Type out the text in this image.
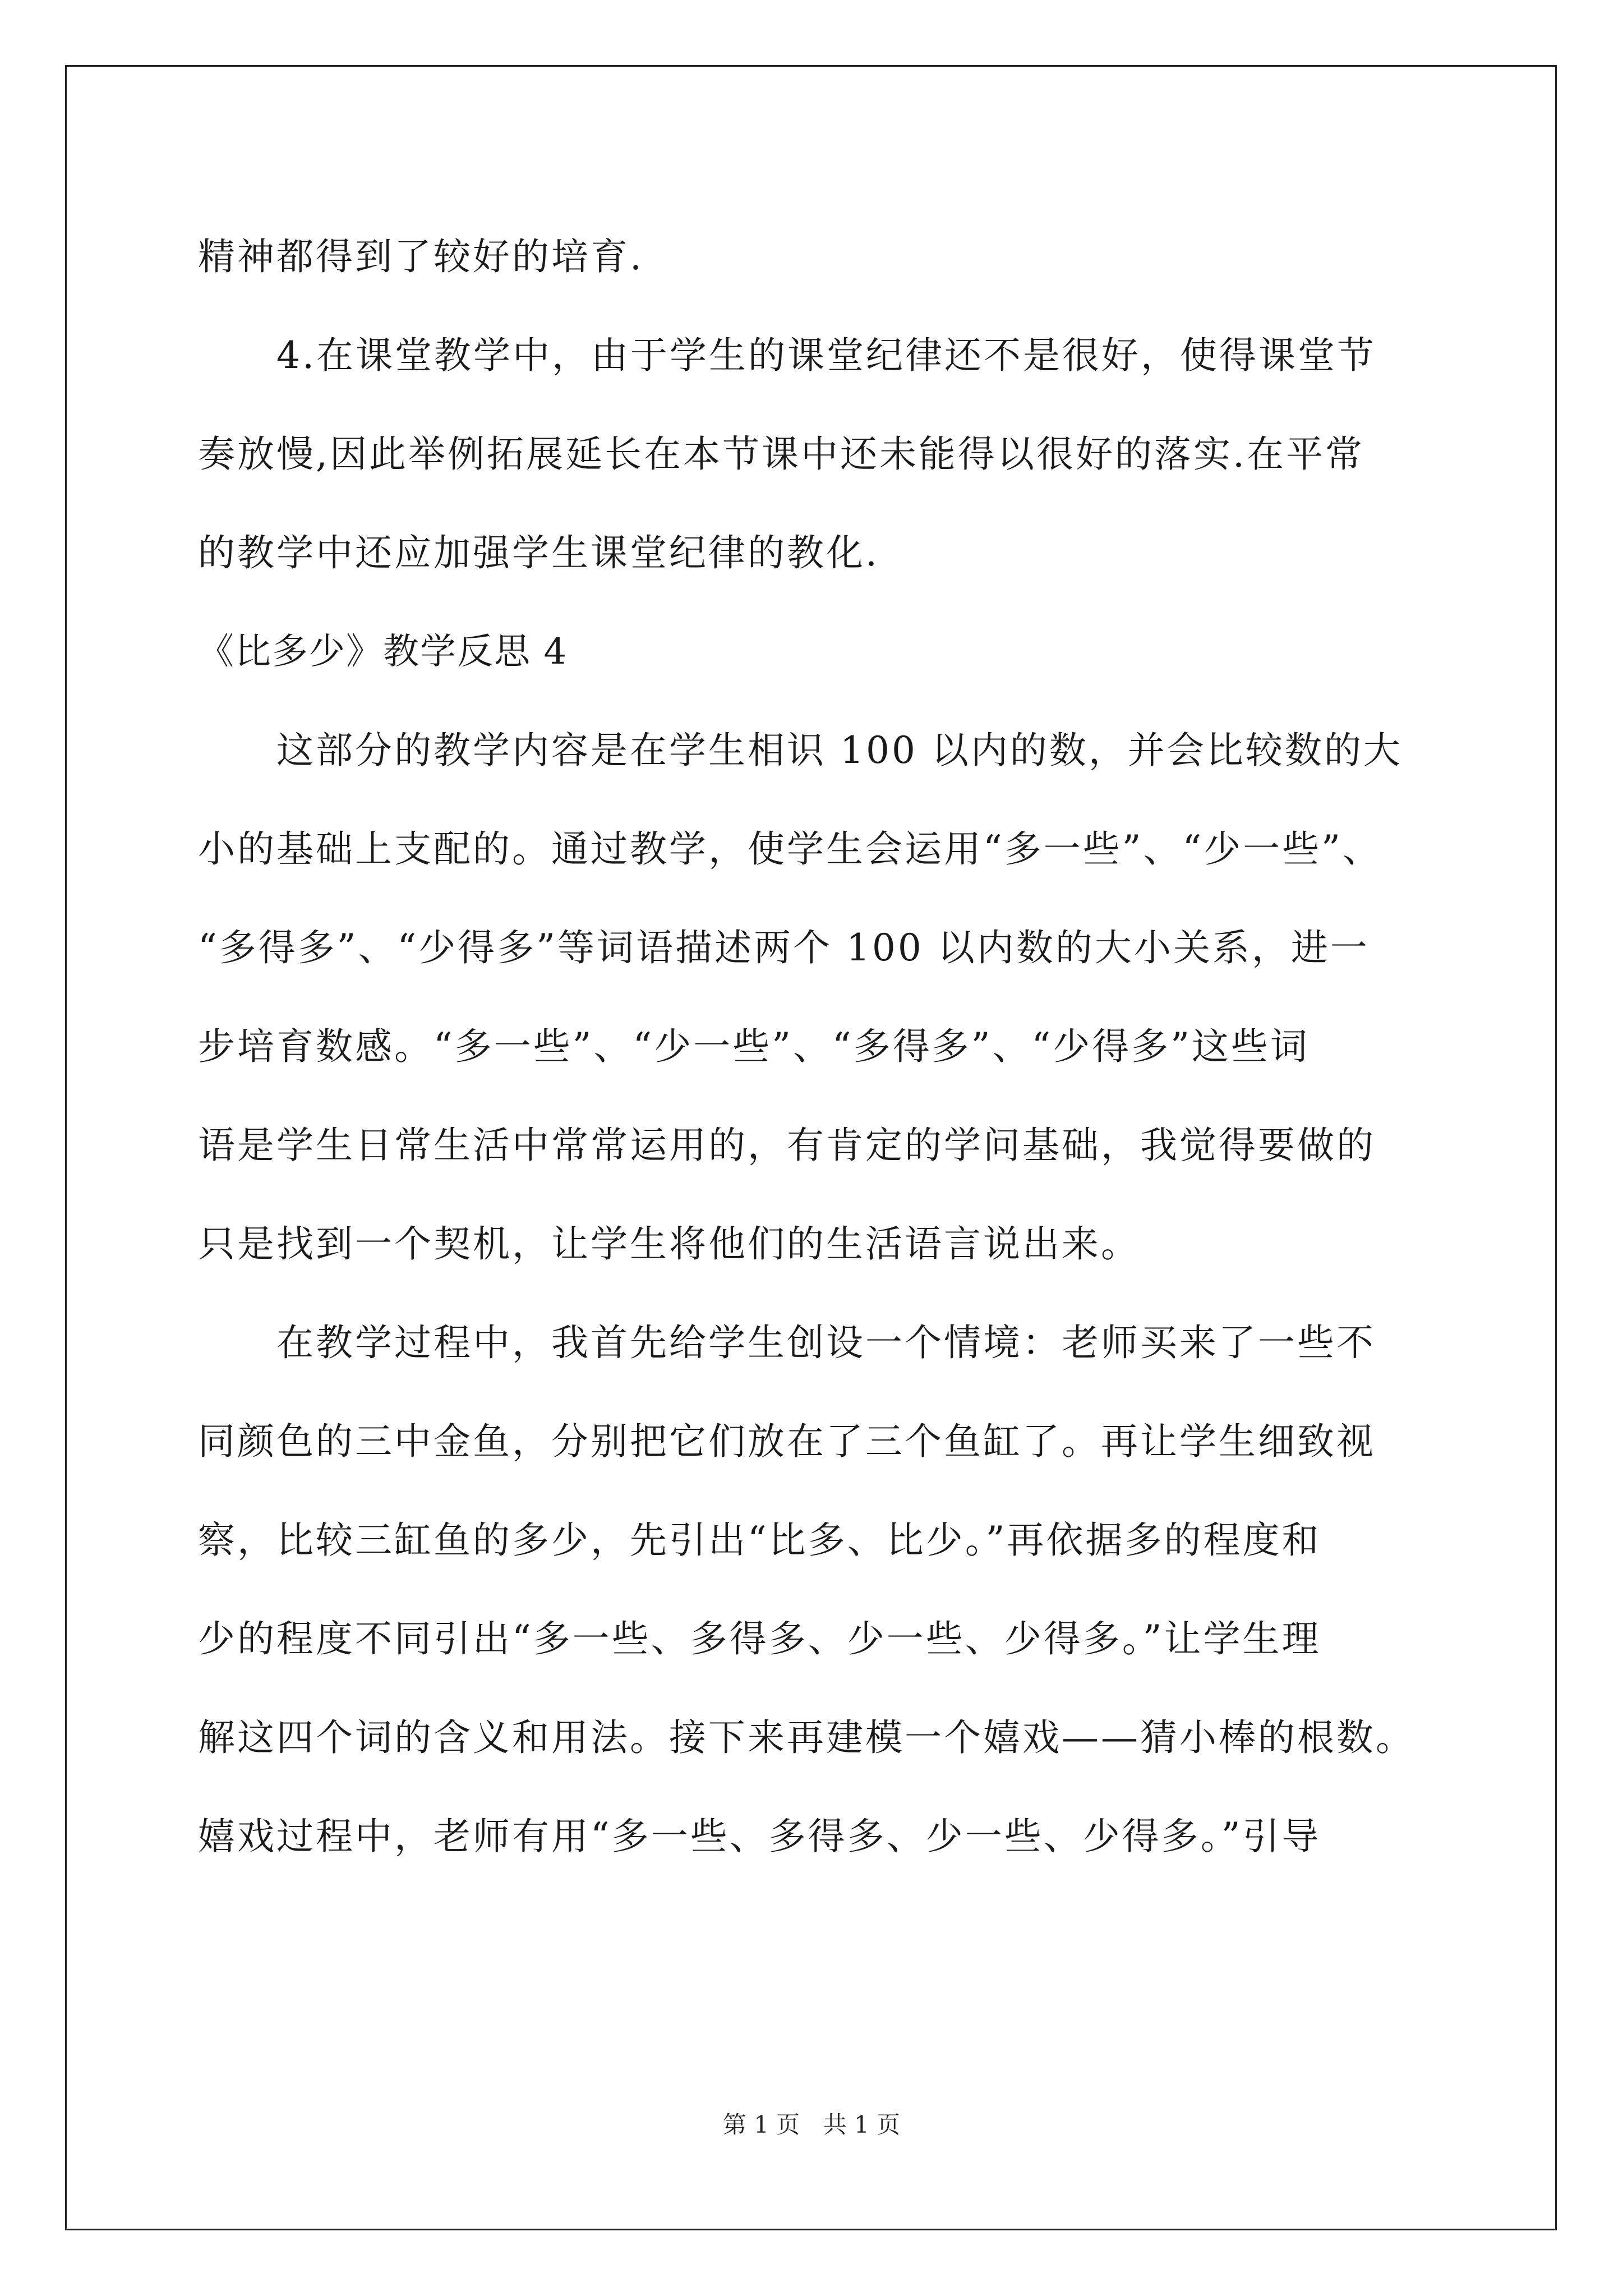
精神都得到了较好的培育.
4.在课堂教学中，由于学生的课堂纪律还不是很好，使得课堂节
奏放慢,因此举例拓展延长在本节课中还未能得以很好的落实.在平常
的教学中还应加强学生课堂纪律的教化.
《比多少》教学反思 4
这部分的教学内容是在学生相识 100 以内的数，并会比较数的大
小的基础上支配的。通过教学，使学生会运用“多一些”、“少一些”、
“多得多”、“少得多”等词语描述两个 100 以内数的大小关系，进一
步培育数感。“多一些”、“少一些”、“多得多”、“少得多”这些词
语是学生日常生活中常常运用的，有肯定的学问基础，我觉得要做的
只是找到一个契机，让学生将他们的生活语言说出来。
在教学过程中，我首先给学生创设一个情境：老师买来了一些不
同颜色的三中金鱼，分别把它们放在了三个鱼缸了。再让学生细致视
察，比较三缸鱼的多少，先引出“比多、比少。”再依据多的程度和
少的程度不同引出“多一些、多得多、少一些、少得多。”让学生理
解这四个词的含义和用法。接下来再建模一个嬉戏——猜小棒的根数。
嬉戏过程中，老师有用“多一些、多得多、少一些、少得多。”引导
第 1 页 共 1 页
